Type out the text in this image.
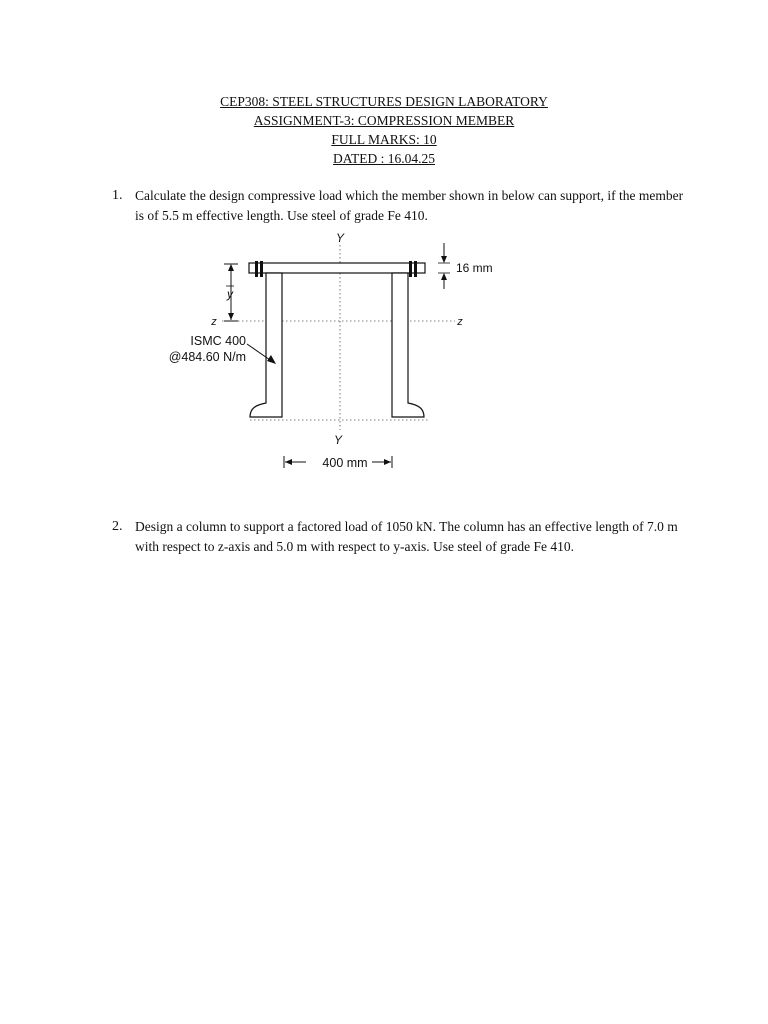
CEP308: STEEL STRUCTURES DESIGN LABORATORY
ASSIGNMENT-3: COMPRESSION MEMBER
FULL MARKS: 10
DATED : 16.04.25
1. Calculate the design compressive load which the member shown in below can support, if the member is of 5.5 m effective length. Use steel of grade Fe 410.
y
16 mm
400 mm
Y
Y
z	z
ISMC 400
@484.60 N/m
2. Design a column to support a factored load of 1050 kN. The column has an effective length of 7.0 m with respect to z-axis and 5.0 m with respect to y-axis. Use steel of grade Fe 410.
